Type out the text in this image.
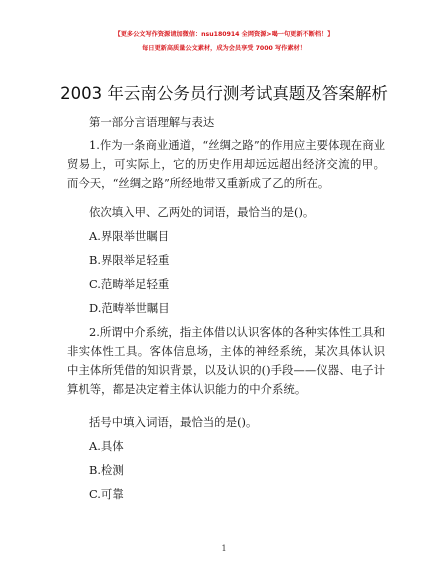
【更多公文写作资源请加微信：nsu180914 全网资源>喝一句更新不断档！】
每日更新高质量公文素材，成为会员享受 7000 写作素材！
2003 年云南公务员行测考试真题及答案解析
第一部分言语理解与表达
1.作为一条商业通道，“丝绸之路”的作用应主要体现在商业贸易上，可实际上，它的历史作用却远远超出经济交流的甲。而今天，“丝绸之路”所经地带又重新成了乙的所在。
依次填入甲、乙两处的词语，最恰当的是()。
A.界限举世瞩目
B.界限举足轻重
C.范畴举足轻重
D.范畴举世瞩目
2.所谓中介系统，指主体借以认识客体的各种实体性工具和非实体性工具。客体信息场，主体的神经系统，某次具体认识中主体所凭借的知识背景，以及认识的()手段——仪器、电子计算机等，都是决定着主体认识能力的中介系统。
括号中填入词语，最恰当的是()。
A.具体
B.检测
C.可靠
1
